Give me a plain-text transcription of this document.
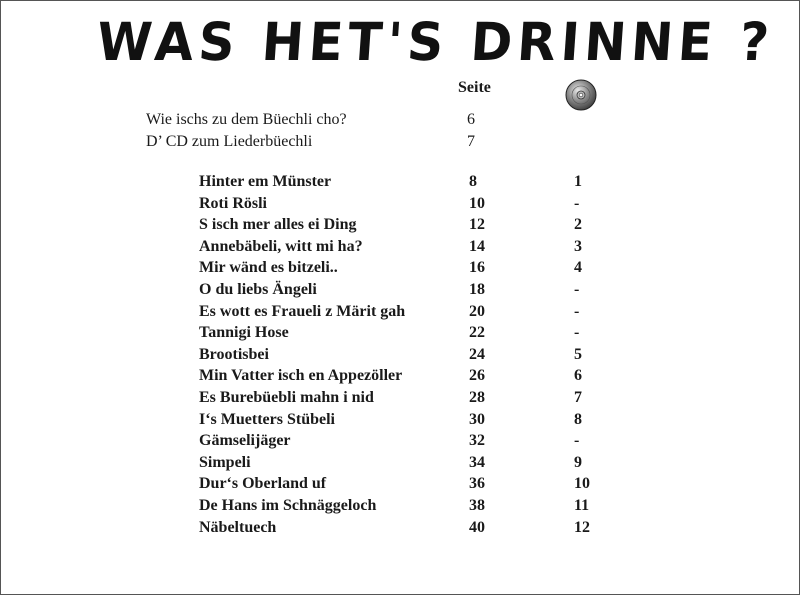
WAS HET'S DRINNE ?
Seite
Wie ischs zu dem Büechli cho?	6
D’ CD zum Liederbüechli	7
Hinter em Münster	8	1
Roti Rösli	10	-
S isch mer alles ei Ding	12	2
Annebäbeli, witt mi ha?	14	3
Mir wänd es bitzeli..	16	4
O du liebs Ängeli	18	-
Es wott es Fraueli z Märit gah	20	-
Tannigi Hose	22	-
Brootisbei	24	5
Min Vatter isch en Appezöller	26	6
Es Burebüebli mahn i nid	28	7
I‘s Muetters Stübeli	30	8
Gämselijäger	32	-
Simpeli	34	9
Dur‘s Oberland uf	36	10
De Hans im Schnäggeloch	38	11
Näbeltuech	40	12
